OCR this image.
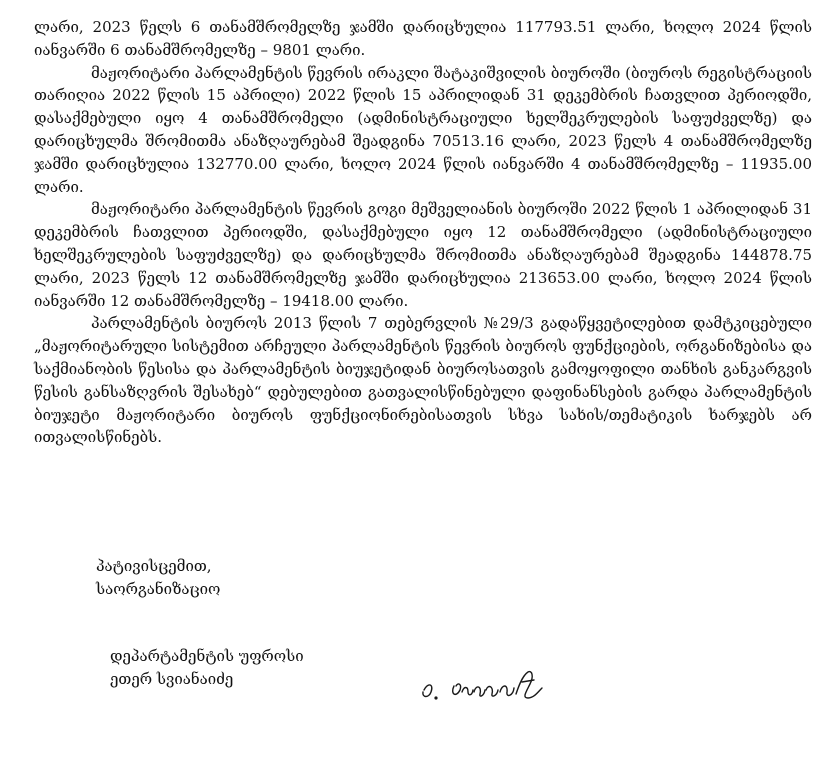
ლარი, 2023 წელს 6 თანამშრომელზე ჯამში დარიცხულია 117793.51 ლარი, ხოლო 2024 წლის იანვარში 6 თანამშრომელზე – 9801 ლარი.

მაჟორიტარი პარლამენტის წევრის ირაკლი შატაკიშვილის ბიუროში (ბიუროს რეგისტრაციის თარიღია 2022 წლის 15 აპრილი) 2022 წლის 15 აპრილიდან 31 დეკემბრის ჩათვლით პერიოდში, დასაქმებული იყო 4 თანამშრომელი (ადმინისტრაციული ხელშეკრულების საფუძველზე) და დარიცხულმა შრომითმა ანაზღაურებამ შეადგინა 70513.16 ლარი, 2023 წელს 4 თანამშრომელზე ჯამში დარიცხულია 132770.00 ლარი, ხოლო 2024 წლის იანვარში 4 თანამშრომელზე – 11935.00 ლარი.

მაჟორიტარი პარლამენტის წევრის გოგი მეშველიანის ბიუროში 2022 წლის 1 აპრილიდან 31 დეკემბრის ჩათვლით პერიოდში, დასაქმებული იყო 12 თანამშრომელი (ადმინისტრაციული ხელშეკრულების საფუძველზე) და დარიცხულმა შრომითმა ანაზღაურებამ შეადგინა 144878.75 ლარი, 2023 წელს 12 თანამშრომელზე ჯამში დარიცხულია 213653.00 ლარი, ხოლო 2024 წლის იანვარში 12 თანამშრომელზე – 19418.00 ლარი.

პარლამენტის ბიუროს 2013 წლის 7 თებერვლის №29/3 გადაწყვეტილებით დამტკიცებული „მაჟორიტარული სისტემით არჩეული პარლამენტის წევრის ბიუროს ფუნქციების, ორგანიზებისა და საქმიანობის წესისა და პარლამენტის ბიუჯეტიდან ბიუროსათვის გამოყოფილი თანხის განკარგვის წესის განსაზღვრის შესახებ“ დებულებით გათვალისწინებული დაფინანსების გარდა პარლამენტის ბიუჯეტი მაჟორიტარი ბიუროს ფუნქციონირებისათვის სხვა სახის/თემატიკის ხარჯებს არ ითვალისწინებს.

პატივისცემით,
საორგანიზაციო
დეპარტამენტის უფროსი
ეთერ სვიანაიძე
